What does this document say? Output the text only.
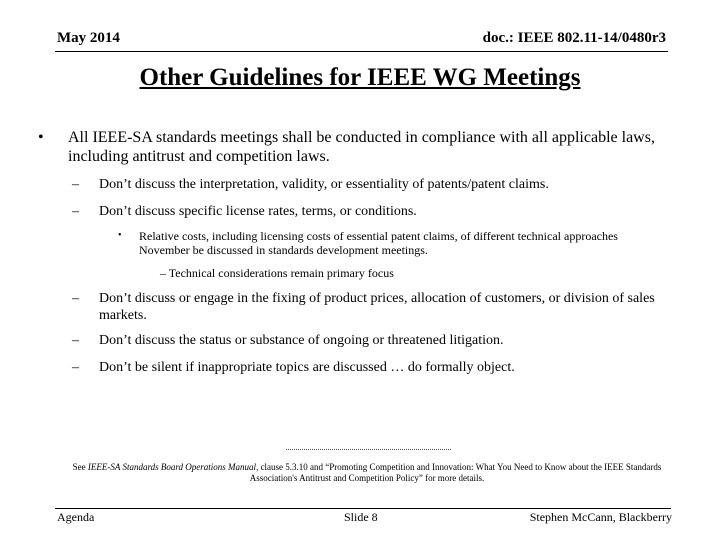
May 2014	doc.: IEEE 802.11-14/0480r3
Other Guidelines for IEEE WG Meetings
• All IEEE-SA standards meetings shall be conducted in compliance with all applicable laws, including antitrust and competition laws.
– Don’t discuss the interpretation, validity, or essentiality of patents/patent claims.
– Don’t discuss specific license rates, terms, or conditions.
• Relative costs, including licensing costs of essential patent claims, of different technical approaches November be discussed in standards development meetings.
– Technical considerations remain primary focus
– Don’t discuss or engage in the fixing of product prices, allocation of customers, or division of sales markets.
– Don’t discuss the status or substance of ongoing or threatened litigation.
– Don’t be silent if inappropriate topics are discussed … do formally object.
See IEEE-SA Standards Board Operations Manual, clause 5.3.10 and “Promoting Competition and Innovation: What You Need to Know about the IEEE Standards Association's Antitrust and Competition Policy” for more details.
Agenda	Slide 8	Stephen McCann, Blackberry
